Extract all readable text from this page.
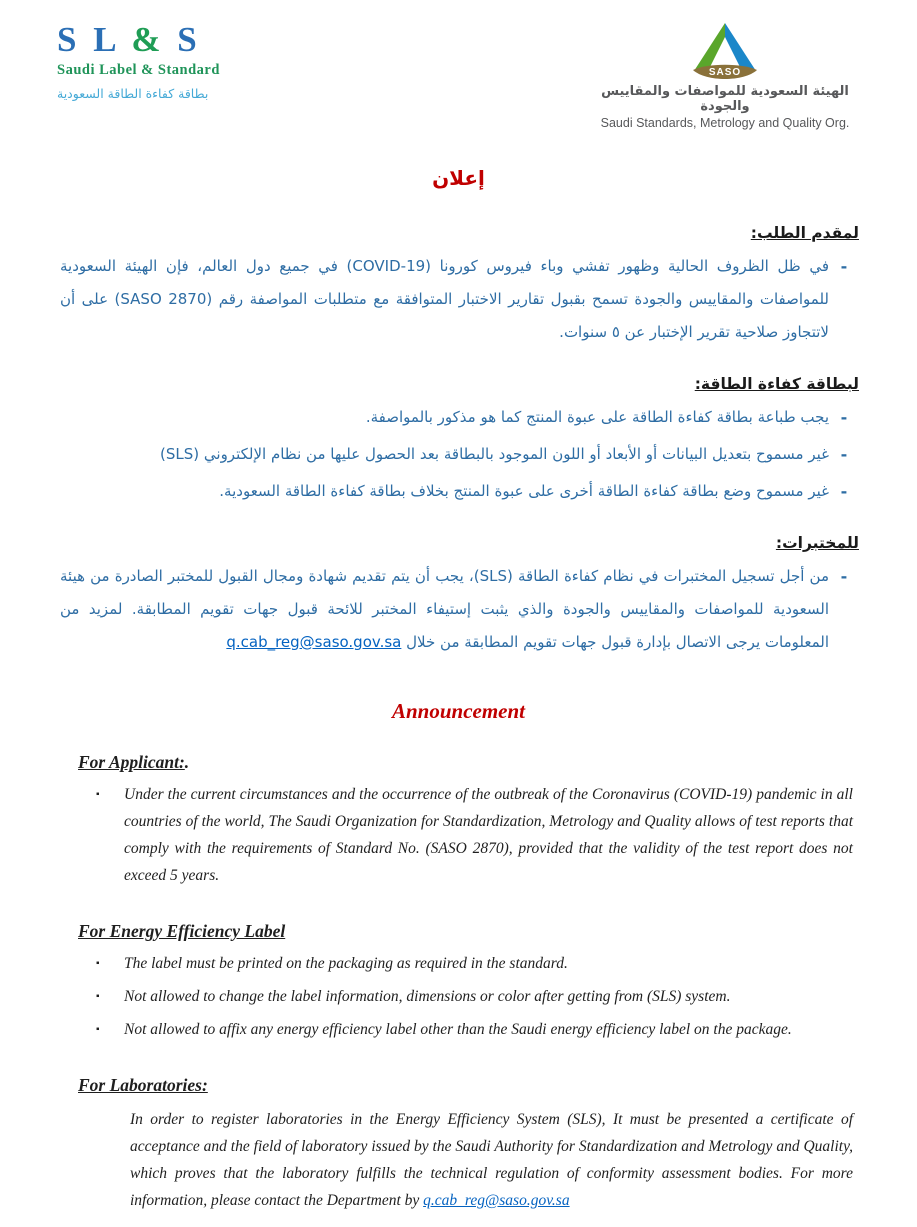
S L & S
Saudi Label & Standard
بطاقة كفاءة الطاقة السعودية
SASO
الهيئة السعودية للمواصفات والمقاييس والجودة
Saudi Standards, Metrology and Quality Org.
إعلان
لمقدم الطلب:
-
في ظل الظروف الحالية وظهور تفشي وباء فيروس كورونا (COVID-19) في جميع دول العالم، فإن الهيئة السعودية للمواصفات والمقاييس والجودة تسمح بقبول تقارير الاختبار المتوافقة مع متطلبات المواصفة رقم (SASO 2870) على أن لاتتجاوز صلاحية تقرير الإختبار عن ٥ سنوات.
لبطاقة كفاءة الطاقة:
-
يجب طباعة بطاقة كفاءة الطاقة على عبوة المنتج كما هو مذكور بالمواصفة.
-
غير مسموح بتعديل البيانات أو الأبعاد أو اللون الموجود بالبطاقة بعد الحصول عليها من نظام الإلكتروني (SLS)
-
غير مسموح وضع بطاقة كفاءة الطاقة أخرى على عبوة المنتج بخلاف بطاقة كفاءة الطاقة السعودية.
للمختبرات:
-
من أجل تسجيل المختبرات في نظام كفاءة الطاقة (SLS)، يجب أن يتم تقديم شهادة ومجال القبول للمختبر الصادرة من هيئة السعودية للمواصفات والمقاييس والجودة والذي يثبت إستيفاء المختبر للائحة قبول جهات تقويم المطابقة. لمزيد من المعلومات يرجى الاتصال بإدارة قبول جهات تقويم المطابقة من خلال q.cab_reg@saso.gov.sa
Announcement
For Applicant:.
▪	Under the current circumstances and the occurrence of the outbreak of the Coronavirus (COVID-19) pandemic in all countries of the world, The Saudi Organization for Standardization, Metrology and Quality allows of test reports that comply with the requirements of Standard No. (SASO 2870), provided that the validity of the test report does not exceed 5 years.
For Energy Efficiency Label
▪	The label must be printed on the packaging as required in the standard.
▪	Not allowed to change the label information, dimensions or color after getting from (SLS) system.
▪	Not allowed to affix any energy efficiency label other than the Saudi energy efficiency label on the package.
For Laboratories:
In order to register laboratories in the Energy Efficiency System (SLS), It must be presented a certificate of acceptance and the field of laboratory issued by the Saudi Authority for Standardization and Metrology and Quality, which proves that the laboratory fulfills the technical regulation of conformity assessment bodies. For more information, please contact the Department by q.cab_reg@saso.gov.sa
